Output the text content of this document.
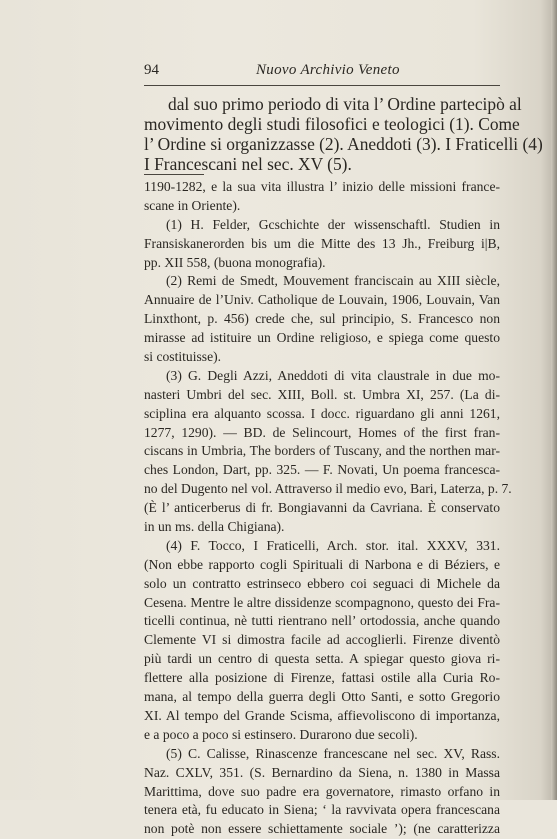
94	Nuovo Archivio Veneto
dal suo primo periodo di vita l’ Ordine partecipò al
movimento degli studi filosofici e teologici (1). Come
l’ Ordine si organizzasse (2). Aneddoti (3). I Fraticelli (4)
I Francescani nel sec. XV (5).
1190-1282, e la sua vita illustra l’ inizio delle missioni france-
scane in Oriente).
(1) H. Felder, Gcschichte der wissenschaftl. Studien in
Fransiskanerorden bis um die Mitte des 13 Jh., Freiburg i|B,
pp. XII 558, (buona monografia).
(2) Remi de Smedt, Mouvement franciscain au XIII siècle,
Annuaire de l’Univ. Catholique de Louvain, 1906, Louvain, Van
Linxthont, p. 456) crede che, sul principio, S. Francesco non
mirasse ad istituire un Ordine religioso, e spiega come questo
si costituisse).
(3) G. Degli Azzi, Aneddoti di vita claustrale in due mo-
nasteri Umbri del sec. XIII, Boll. st. Umbra XI, 257. (La di-
sciplina era alquanto scossa. I docc. riguardano gli anni 1261,
1277, 1290). — BD. de Selincourt, Homes of the first fran-
ciscans in Umbria, The borders of Tuscany, and the northen mar-
ches London, Dart, pp. 325. — F. Novati, Un poema francesca-
no del Dugento nel vol. Attraverso il medio evo, Bari, Laterza, p. 7.
(È l’ anticerberus di fr. Bongiavanni da Cavriana. È conservato
in un ms. della Chigiana).
(4) F. Tocco, I Fraticelli, Arch. stor. ital. XXXV, 331.
(Non ebbe rapporto cogli Spirituali di Narbona e di Béziers, e
solo un contratto estrinseco ebbero coi seguaci di Michele da
Cesena. Mentre le altre dissidenze scompagnono, questo dei Fra-
ticelli continua, nè tutti rientrano nell’ ortodossia, anche quando
Clemente VI si dimostra facile ad accoglierli. Firenze diventò
più tardi un centro di questa setta. A spiegar questo giova ri-
flettere alla posizione di Firenze, fattasi ostile alla Curia Ro-
mana, al tempo della guerra degli Otto Santi, e sotto Gregorio
XI. Al tempo del Grande Scisma, affievoliscono di importanza,
e a poco a poco si estinsero. Durarono due secoli).
(5) C. Calisse, Rinascenze francescane nel sec. XV, Rass.
Naz. CXLV, 351. (S. Bernardino da Siena, n. 1380 in Massa
Marittima, dove suo padre era governatore, rimasto orfano in
tenera età, fu educato in Siena; ‘ la ravvivata opera francescana
non potè non essere schiettamente sociale ’); (ne caratterizza
